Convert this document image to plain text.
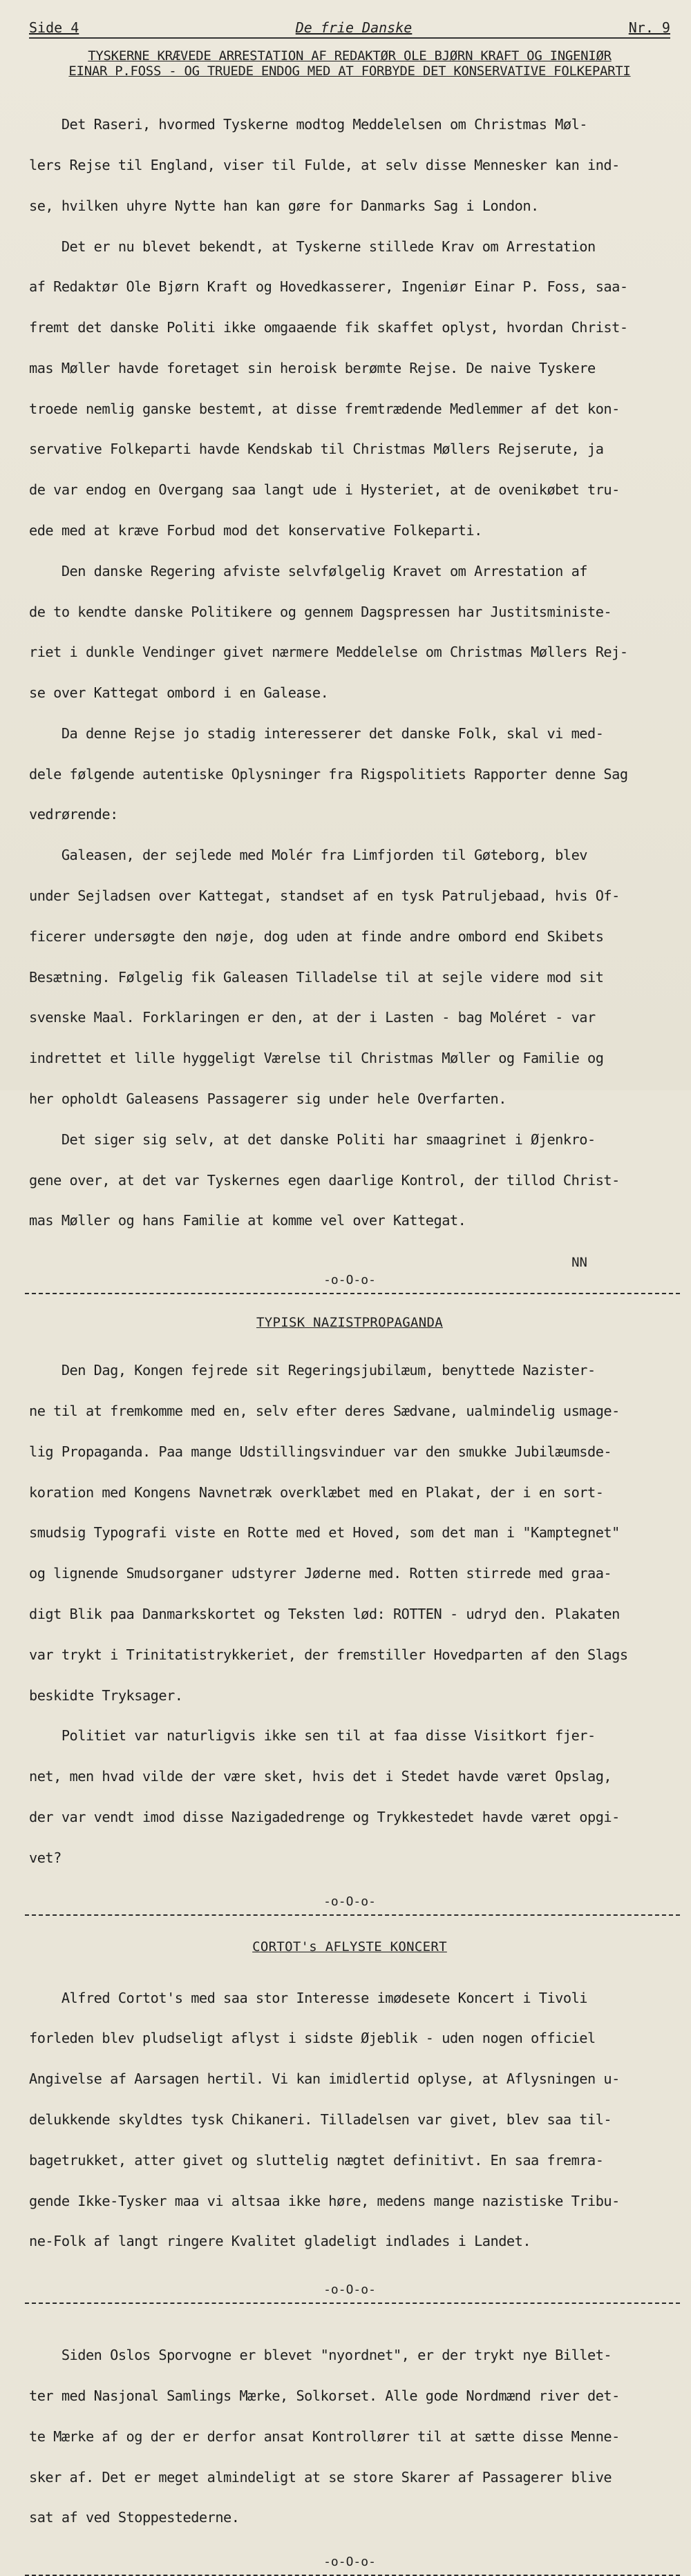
Side 4	De frie Danske	Nr. 9
TYSKERNE KRÆVEDE ARRESTATION AF REDAKTØR OLE BJØRN KRAFT OG INGENIØR
EINAR P.FOSS - OG TRUEDE ENDOG MED AT FORBYDE DET KONSERVATIVE FOLKEPARTI

Det Raseri, hvormed Tyskerne modtog Meddelelsen om Christmas Møl-

lers Rejse til England, viser til Fulde, at selv disse Mennesker kan ind-

se, hvilken uhyre Nytte han kan gøre for Danmarks Sag i London.

Det er nu blevet bekendt, at Tyskerne stillede Krav om Arrestation

af Redaktør Ole Bjørn Kraft og Hovedkasserer, Ingeniør Einar P. Foss, saa-

fremt det danske Politi ikke omgaaende fik skaffet oplyst, hvordan Christ-

mas Møller havde foretaget sin heroisk berømte Rejse. De naive Tyskere

troede nemlig ganske bestemt, at disse fremtrædende Medlemmer af det kon-

servative Folkeparti havde Kendskab til Christmas Møllers Rejserute, ja

de var endog en Overgang saa langt ude i Hysteriet, at de ovenikøbet tru-

ede med at kræve Forbud mod det konservative Folkeparti.

Den danske Regering afviste selvfølgelig Kravet om Arrestation af

de to kendte danske Politikere og gennem Dagspressen har Justitsministe-

riet i dunkle Vendinger givet nærmere Meddelelse om Christmas Møllers Rej-

se over Kattegat ombord i en Galease.

Da denne Rejse jo stadig interesserer det danske Folk, skal vi med-

dele følgende autentiske Oplysninger fra Rigspolitiets Rapporter denne Sag

vedrørende:

Galeasen, der sejlede med Molér fra Limfjorden til Gøteborg, blev

under Sejladsen over Kattegat, standset af en tysk Patruljebaad, hvis Of-

ficerer undersøgte den nøje, dog uden at finde andre ombord end Skibets

Besætning. Følgelig fik Galeasen Tilladelse til at sejle videre mod sit

svenske Maal. Forklaringen er den, at der i Lasten - bag Moléret - var

indrettet et lille hyggeligt Værelse til Christmas Møller og Familie og

her opholdt Galeasens Passagerer sig under hele Overfarten.

Det siger sig selv, at det danske Politi har smaagrinet i Øjenkro-

gene over, at det var Tyskernes egen daarlige Kontrol, der tillod Christ-

mas Møller og hans Familie at komme vel over Kattegat.

NN
-o-O-o-
TYPISK NAZISTPROPAGANDA

Den Dag, Kongen fejrede sit Regeringsjubilæum, benyttede Nazister-

ne til at fremkomme med en, selv efter deres Sædvane, ualmindelig usmage-

lig Propaganda. Paa mange Udstillingsvinduer var den smukke Jubilæumsde-

koration med Kongens Navnetræk overklæbet med en Plakat, der i en sort-

smudsig Typografi viste en Rotte med et Hoved, som det man i "Kamptegnet"

og lignende Smudsorganer udstyrer Jøderne med. Rotten stirrede med graa-

digt Blik paa Danmarkskortet og Teksten lød: ROTTEN - udryd den. Plakaten

var trykt i Trinitatistrykkeriet, der fremstiller Hovedparten af den Slags

beskidte Tryksager.

Politiet var naturligvis ikke sen til at faa disse Visitkort fjer-

net, men hvad vilde der være sket, hvis det i Stedet havde været Opslag,

der var vendt imod disse Nazigadedrenge og Trykkestedet havde været opgi-

vet?

-o-O-o-
CORTOT's AFLYSTE KONCERT

Alfred Cortot's med saa stor Interesse imødesete Koncert i Tivoli

forleden blev pludseligt aflyst i sidste Øjeblik - uden nogen officiel

Angivelse af Aarsagen hertil. Vi kan imidlertid oplyse, at Aflysningen u-

delukkende skyldtes tysk Chikaneri. Tilladelsen var givet, blev saa til-

bagetrukket, atter givet og sluttelig nægtet definitivt. En saa fremra-

gende Ikke-Tysker maa vi altsaa ikke høre, medens mange nazistiske Tribu-

ne-Folk af langt ringere Kvalitet gladeligt indlades i Landet.

-o-O-o-

Siden Oslos Sporvogne er blevet "nyordnet", er der trykt nye Billet-

ter med Nasjonal Samlings Mærke, Solkorset. Alle gode Nordmænd river det-

te Mærke af og der er derfor ansat Kontrollører til at sætte disse Menne-

sker af. Det er meget almindeligt at se store Skarer af Passagerer blive

sat af ved Stoppestederne.

-o-O-o-
